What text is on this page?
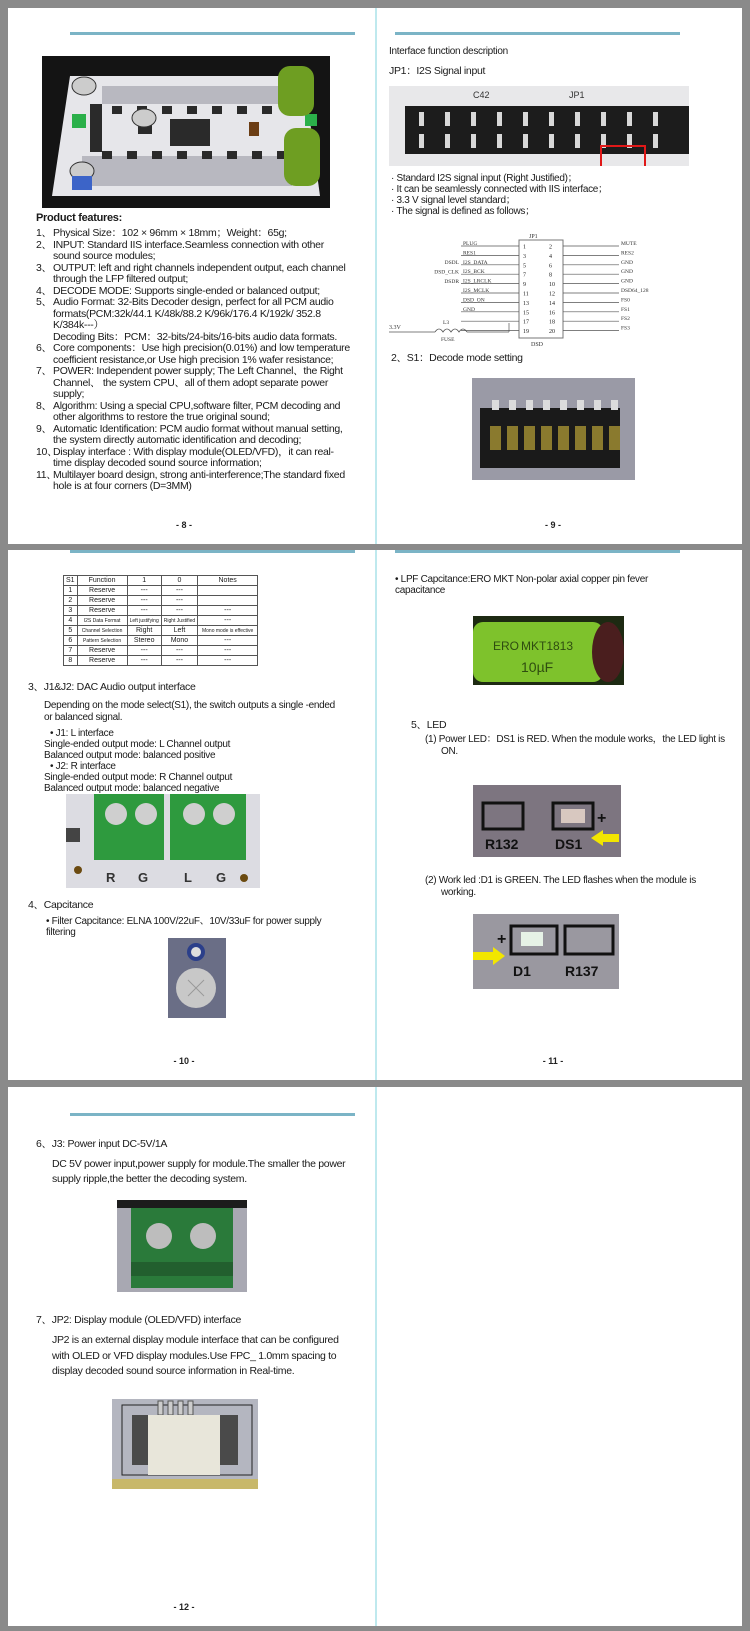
Product features:
1、 Physical Size：102 × 96mm × 18mm；Weight：65g;
2、 INPUT: Standard IIS interface.Seamless connection with other sound source modules;
3、 OUTPUT: left and right channels independent output, each channel through the LFP filtered output;
4、 DECODE MODE: Supports single-ended or balanced output;
5、 Audio Format: 32-Bits Decoder design, perfect for all PCM audio formats(PCM:32k/44.1 K/48k/88.2 K/96k/176.4 K/192k/ 352.8 K/384k---）
Decoding Bits：PCM：32-bits/24-bits/16-bits audio data formats.
6、 Core components：Use high precision(0.01%) and low temperature coefficient resistance,or Use high precision 1% wafer resistance;
7、 POWER: Independent power supply; The Left Channel、the Right Channel、 the system CPU、all of them adopt separate power supply;
8、 Algorithm: Using a special CPU,software filter, PCM decoding and other algorithms to restore the true original sound;
9、 Automatic Identification: PCM audio format without manual setting, the system directly automatic identification and decoding;
10、
Display interface : With display module(OLED/VFD)，it can real-time display decoded sound source information;
11、
Multilayer board design, strong anti-interference;The standard fixed hole is at four corners (D=3MM)
- 8 -
Interface function description
JP1：I2S Signal input
JP1
C42
· Standard I2S signal input (Right Justified)；
· It can be seamlessly connected with IIS interface；
· 3.3 V signal level standard；
· The signal is defined as follows；
JP1
DSD
1	2
PLUG	MUTE
3	4
RES1	RES2
5	6
I2S_DATA	GND
7	8
I2S_BCK	GND
9	10
I2S_LRCLK	GND
11	12
I2S_MCLK	DSD64_128
13	14
DSD_ON	FS0
15	16
GND	FS1
17	18
FS2
19	20
FS3
DSDL
DSD_CLK
DSDR
3.3V
L3
FUSE
2、S1：Decode mode setting
- 9 -
S1	Function	1	0	Notes
1	Reserve	---	---	
2	Reserve	---	---	
3	Reserve	---	---	---
4	I2S Data Format	Left justifying	Right Justified	---
5	Channel Selection	Right	Left	Mono mode is effective
6	Pattern Selection	Stereo	Mono	---
7	Reserve	---	---	---
8	Reserve	---	---	---
3、J1&J2: DAC Audio output interface
Depending on the mode select(S1), the switch outputs a single -ended or balanced signal.
• J1: L interface
Single-ended output mode: L Channel output
Balanced output mode: balanced positive
• J2: R interface
Single-ended output mode: R Channel output
Balanced output mode: balanced negative
R G	L G
4、Capcitance
• Filter Capcitance: ELNA 100V/22uF、10V/33uF for power supply filtering
- 10 -
• LPF Capcitance:ERO MKT Non-polar axial copper pin fever capacitance
ERO MKT1813
10µF
5、LED
(1) Power LED：DS1 is RED. When the module works，the LED light is ON.
R132	DS1
+
(2) Work led :D1 is GREEN. The LED flashes when the module is working.
+
D1 R137
- 11 -
6、J3: Power input DC-5V/1A
DC 5V power input,power supply for module.The smaller the power supply ripple,the better the decoding system.
7、JP2: Display module (OLED/VFD) interface
JP2 is an external display module interface that can be configured with OLED or VFD display modules.Use FPC_ 1.0mm spacing to display decoded sound source information in Real-time.
- 12 -
